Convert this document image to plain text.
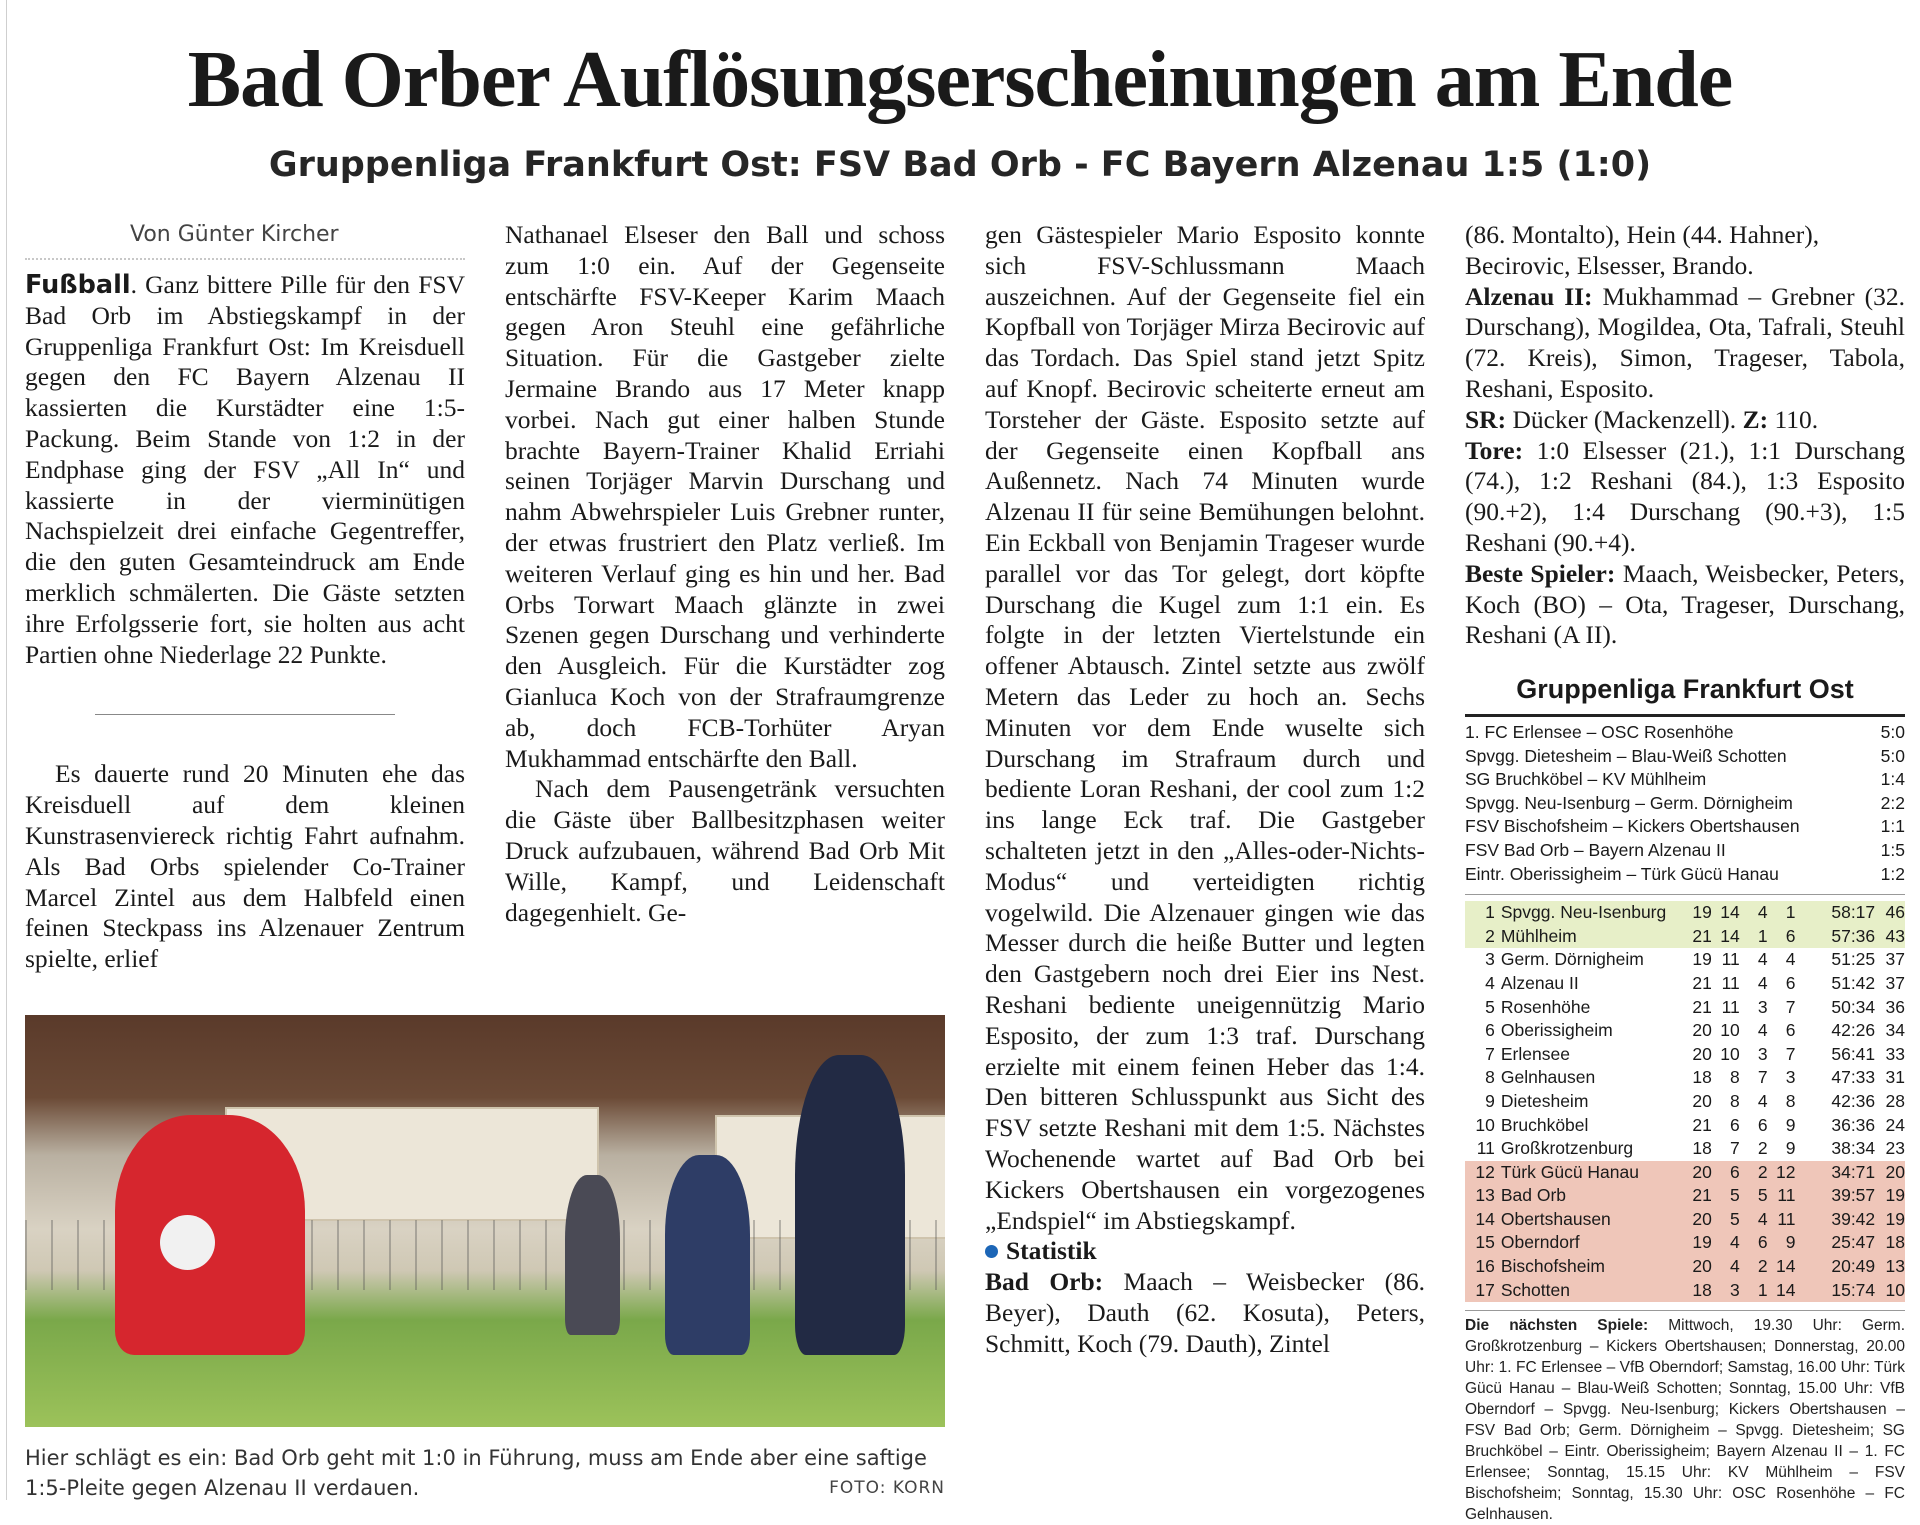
Bad Orber Auflösungserscheinungen am Ende
Gruppenliga Frankfurt Ost: FSV Bad Orb - FC Bayern Alzenau 1:5 (1:0)
Von Günter Kircher

Fußball. Ganz bittere Pille für den FSV Bad Orb im Abstiegskampf in der Gruppenliga Frankfurt Ost: Im Kreisduell gegen den FC Bayern Alzenau II kassierten die Kurstädter eine 1:5-Packung. Beim Stande von 1:2 in der Endphase ging der FSV „All In“ und kassierte in der vierminütigen Nachspielzeit drei einfache Gegentreffer, die den guten Gesamteindruck am Ende merklich schmälerten. Die Gäste setzten ihre Erfolgsserie fort, sie holten aus acht Partien ohne Niederlage 22 Punkte.

Es dauerte rund 20 Minuten ehe das Kreisduell auf dem kleinen Kunstrasenviereck richtig Fahrt aufnahm. Als Bad Orbs spielender Co-Trainer Marcel Zintel aus dem Halbfeld einen feinen Steckpass ins Alzenauer Zentrum spielte, erlief

Nathanael Elseser den Ball und schoss zum 1:0 ein. Auf der Gegenseite entschärfte FSV-Keeper Karim Maach gegen Aron Steuhl eine gefährliche Situation. Für die Gastgeber zielte Jermaine Brando aus 17 Meter knapp vorbei. Nach gut einer halben Stunde brachte Bayern-Trainer Khalid Erriahi seinen Torjäger Marvin Durschang und nahm Abwehrspieler Luis Grebner runter, der etwas frustriert den Platz verließ. Im weiteren Verlauf ging es hin und her. Bad Orbs Torwart Maach glänzte in zwei Szenen gegen Durschang und verhinderte den Ausgleich. Für die Kurstädter zog Gianluca Koch von der Strafraumgrenze ab, doch FCB-Torhüter Aryan Mukhammad entschärfte den Ball.

Nach dem Pausengetränk versuchten die Gäste über Ballbesitzphasen weiter Druck aufzubauen, während Bad Orb Mit Wille, Kampf, und Leidenschaft dagegenhielt. Ge-

gen Gästespieler Mario Esposito konnte sich FSV-Schlussmann Maach auszeichnen. Auf der Gegenseite fiel ein Kopfball von Torjäger Mirza Becirovic auf das Tordach. Das Spiel stand jetzt Spitz auf Knopf. Becirovic scheiterte erneut am Torsteher der Gäste. Esposito setzte auf der Gegenseite einen Kopfball ans Außennetz. Nach 74 Minuten wurde Alzenau II für seine Bemühungen belohnt. Ein Eckball von Benjamin Trageser wurde parallel vor das Tor gelegt, dort köpfte Durschang die Kugel zum 1:1 ein. Es folgte in der letzten Viertelstunde ein offener Abtausch. Zintel setzte aus zwölf Metern das Leder zu hoch an. Sechs Minuten vor dem Ende wuselte sich Durschang im Strafraum durch und bediente Loran Reshani, der cool zum 1:2 ins lange Eck traf. Die Gastgeber schalteten jetzt in den „Alles-oder-Nichts-Modus“ und verteidigten richtig vogelwild. Die Alzenauer gingen wie das Messer durch die heiße Butter und legten den Gastgebern noch drei Eier ins Nest. Reshani bediente uneigennützig Mario Esposito, der zum 1:3 traf. Durschang erzielte mit einem feinen Heber das 1:4. Den bitteren Schlusspunkt aus Sicht des FSV setzte Reshani mit dem 1:5. Nächstes Wochenende wartet auf Bad Orb bei Kickers Obertshausen ein vorgezogenes „Endspiel“ im Abstiegskampf.

Statistik

Bad Orb: Maach – Weisbecker (86. Beyer), Dauth (62. Kosuta), Peters, Schmitt, Koch (79. Dauth), Zintel

(86. Montalto), Hein (44. Hahner), Becirovic, Elsesser, Brando.

Alzenau II: Mukhammad – Grebner (32. Durschang), Mogildea, Ota, Tafrali, Steuhl (72. Kreis), Simon, Trageser, Tabola, Reshani, Esposito.

SR: Dücker (Mackenzell). Z: 110.

Tore: 1:0 Elsesser (21.), 1:1 Durschang (74.), 1:2 Reshani (84.), 1:3 Esposito (90.+2), 1:4 Durschang (90.+3), 1:5 Reshani (90.+4).

Beste Spieler: Maach, Weisbecker, Peters, Koch (BO) – Ota, Trageser, Durschang, Reshani (A II).

Hier schlägt es ein: Bad Orb geht mit 1:0 in Führung, muss am Ende aber eine saftige 1:5-Pleite gegen Alzenau II verdauen.	FOTO: KORN
Gruppenliga Frankfurt Ost
1. FC Erlensee – OSC Rosenhöhe	5:0
Spvgg. Dietesheim – Blau-Weiß Schotten	5:0
SG Bruchköbel – KV Mühlheim	1:4
Spvgg. Neu-Isenburg – Germ. Dörnigheim	2:2
FSV Bischofsheim – Kickers Obertshausen	1:1
FSV Bad Orb – Bayern Alzenau II	1:5
Eintr. Oberissigheim – Türk Gücü Hanau	1:2
1 Spvgg. Neu-Isenburg	19 14	4	1	58:17 46
2 Mühlheim	21 14	1	6	57:36 43
3 Germ. Dörnigheim	19 11	4	4	51:25 37
4 Alzenau II	21 11	4	6	51:42 37
5 Rosenhöhe	21 11	3	7	50:34 36
6 Oberissigheim	20 10	4	6	42:26 34
7 Erlensee	20 10	3	7	56:41 33
8 Gelnhausen	18	8	7	3	47:33 31
9 Dietesheim	20	8	4	8	42:36 28
10 Bruchköbel	21	6	6	9	36:36 24
11 Großkrotzenburg	18	7	2	9	38:34 23
12 Türk Gücü Hanau	20	6	2 12	34:71 20
13 Bad Orb	21	5	5 11	39:57 19
14 Obertshausen	20	5	4 11	39:42 19
15 Oberndorf	19	4	6	9	25:47 18
16 Bischofsheim	20	4	2 14	20:49 13
17 Schotten	18	3	1 14	15:74 10
Die nächsten Spiele: Mittwoch, 19.30 Uhr: Germ. Großkrotzenburg – Kickers Obertshausen; Donnerstag, 20.00 Uhr: 1. FC Erlensee – VfB Oberndorf; Samstag, 16.00 Uhr: Türk Gücü Hanau – Blau-Weiß Schotten; Sonntag, 15.00 Uhr: VfB Oberndorf – Spvgg. Neu-Isenburg; Kickers Obertshausen – FSV Bad Orb; Germ. Dörnigheim – Spvgg. Dietesheim; SG Bruchköbel – Eintr. Oberissigheim; Bayern Alzenau II – 1. FC Erlensee; Sonntag, 15.15 Uhr: KV Mühlheim – FSV Bischofsheim; Sonntag, 15.30 Uhr: OSC Rosenhöhe – FC Gelnhausen.
